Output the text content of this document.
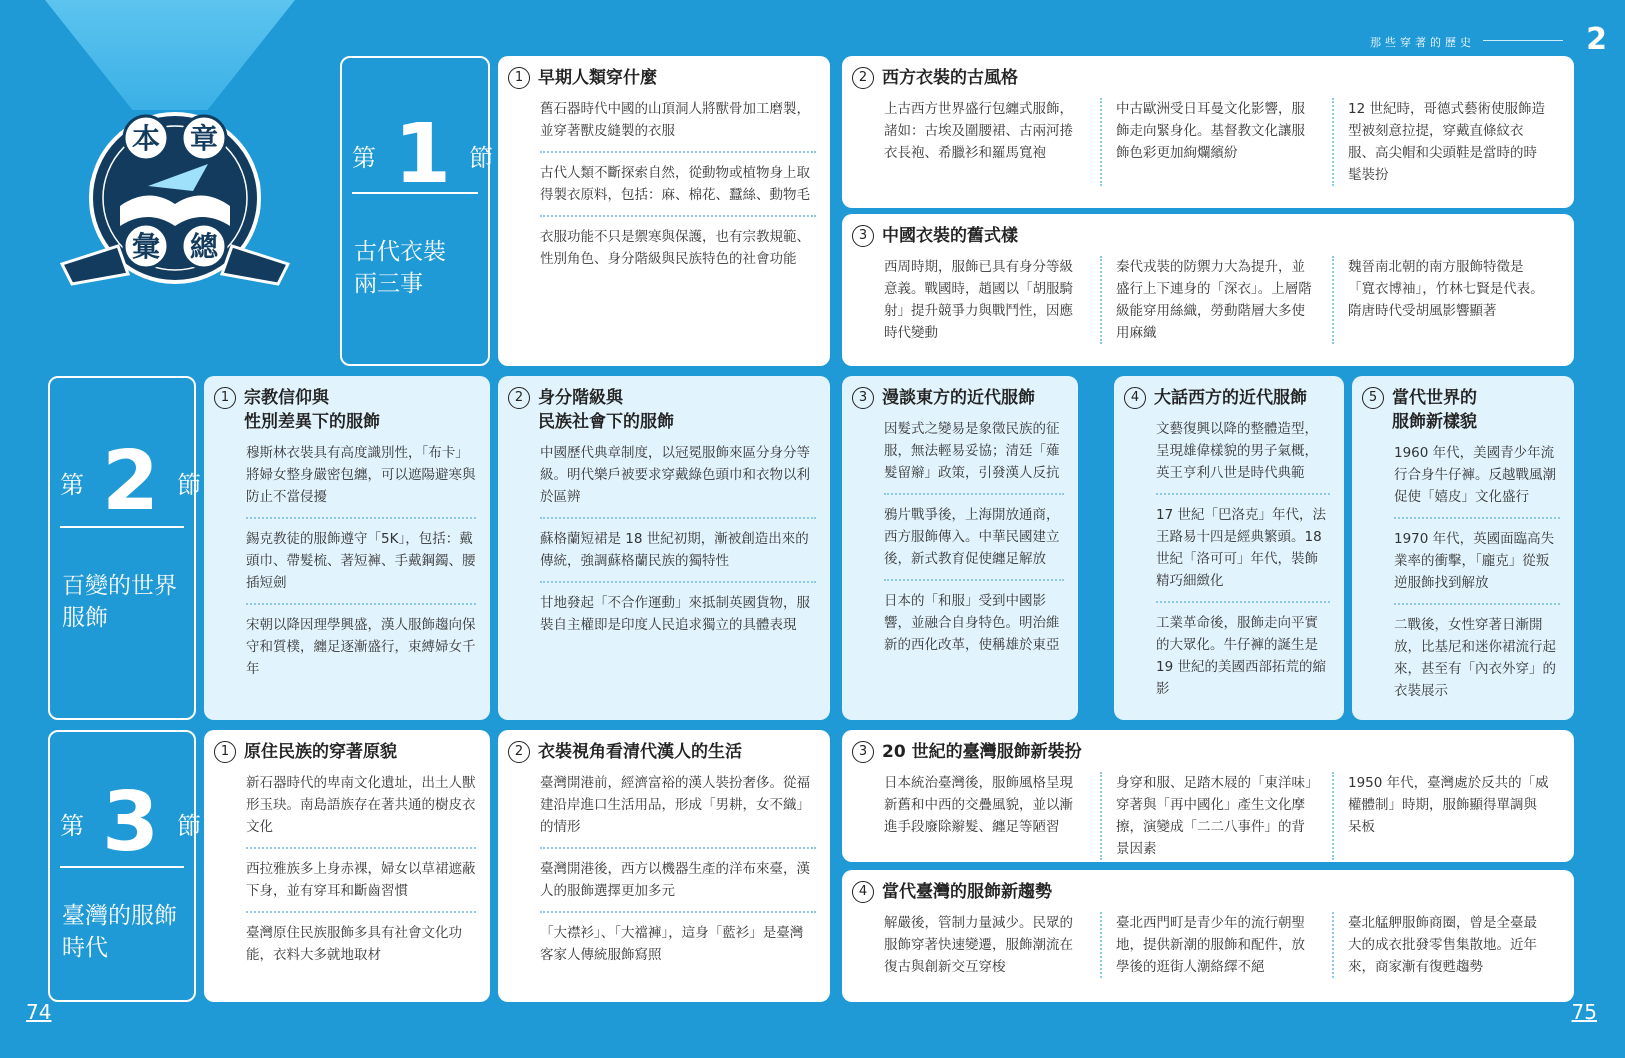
那些穿著的歷史	2
74	75
本 章
彙 總
第 1 節
古代衣裝
兩三事
1 早期人類穿什麼
舊石器時代中國的山頂洞人將獸骨加工磨製，並穿著獸皮縫製的衣服
古代人類不斷探索自然，從動物或植物身上取得製衣原料，包括：麻、棉花、蠶絲、動物毛
衣服功能不只是禦寒與保護，也有宗教規範、性別角色、身分階級與民族特色的社會功能
2 西方衣裝的古風格
上古西方世界盛行包纏式服飾，諸如：古埃及圍腰裙、古兩河捲衣長袍、希臘衫和羅馬寬袍
中古歐洲受日耳曼文化影響，服飾走向緊身化。基督教文化讓服飾色彩更加絢爛繽紛
12 世紀時，哥德式藝術使服飾造型被刻意拉提，穿戴直條紋衣服、高尖帽和尖頭鞋是當時的時髦裝扮
3 中國衣裝的舊式樣
西周時期，服飾已具有身分等級意義。戰國時，趙國以「胡服騎射」提升競爭力與戰鬥性，因應時代變動
秦代戎裝的防禦力大為提升，並盛行上下連身的「深衣」。上層階級能穿用絲織，勞動階層大多使用麻織
魏晉南北朝的南方服飾特徵是「寬衣博袖」，竹林七賢是代表。隋唐時代受胡風影響顯著
第 2 節
百變的世界
服飾
1 宗教信仰與
性別差異下的服飾
穆斯林衣裝具有高度識別性，「布卡」將婦女整身嚴密包纏，可以遮陽避寒與防止不當侵擾
錫克教徒的服飾遵守「5K」，包括：戴頭巾、帶髮梳、著短褲、手戴鋼鐲、腰插短劍
宋朝以降因理學興盛，漢人服飾趨向保守和質樸，纏足逐漸盛行，束縛婦女千年
2 身分階級與
民族社會下的服飾
中國歷代典章制度，以冠冕服飾來區分身分等級。明代樂戶被要求穿戴綠色頭巾和衣物以利於區辨
蘇格蘭短裙是 18 世紀初期，漸被創造出來的傳統，強調蘇格蘭民族的獨特性
甘地發起「不合作運動」來抵制英國貨物，服裝自主權即是印度人民追求獨立的具體表現
3 漫談東方的近代服飾
因髮式之變易是象徵民族的征服，無法輕易妥協；清廷「薙髮留辮」政策，引發漢人反抗
鴉片戰爭後，上海開放通商，西方服飾傳入。中華民國建立後，新式教育促使纏足解放
日本的「和服」受到中國影響，並融合自身特色。明治維新的西化改革，使稱雄於東亞
4 大話西方的近代服飾
文藝復興以降的整體造型，呈現雄偉樣貌的男子氣概，英王亨利八世是時代典範
17 世紀「巴洛克」年代，法王路易十四是經典繁頭。18 世紀「洛可可」年代，裝飾精巧細緻化
工業革命後，服飾走向平實的大眾化。牛仔褲的誕生是 19 世紀的美國西部拓荒的縮影
5 當代世界的
服飾新樣貌
1960 年代，美國青少年流行合身牛仔褲。反越戰風潮促使「嬉皮」文化盛行
1970 年代，英國面臨高失業率的衝擊，「龐克」從叛逆服飾找到解放
二戰後，女性穿著日漸開放，比基尼和迷你裙流行起來，甚至有「內衣外穿」的衣裝展示
第 3 節
臺灣的服飾
時代
1 原住民族的穿著原貌
新石器時代的卑南文化遺址，出土人獸形玉玦。南島語族存在著共通的樹皮衣文化
西拉雅族多上身赤裸，婦女以草裙遮蔽下身，並有穿耳和斷齒習慣
臺灣原住民族服飾多具有社會文化功能，衣料大多就地取材
2 衣裝視角看清代漢人的生活
臺灣開港前，經濟富裕的漢人裝扮奢侈。從福建沿岸進口生活用品，形成「男耕，女不織」的情形
臺灣開港後，西方以機器生產的洋布來臺，漢人的服飾選擇更加多元
「大襟衫」、「大襠褲」，這身「藍衫」是臺灣客家人傳統服飾寫照
3 20 世紀的臺灣服飾新裝扮
日本統治臺灣後，服飾風格呈現新舊和中西的交疊風貌，並以漸進手段廢除辮髮、纏足等陋習
身穿和服、足踏木屐的「東洋味」穿著與「再中國化」產生文化摩擦，演變成「二二八事件」的背景因素
1950 年代，臺灣處於反共的「威權體制」時期，服飾顯得單調與呆板
4 當代臺灣的服飾新趨勢
解嚴後，管制力量減少。民眾的服飾穿著快速變遷，服飾潮流在復古與創新交互穿梭
臺北西門町是青少年的流行朝聖地，提供新潮的服飾和配件，放學後的逛街人潮絡繹不絕
臺北艋舺服飾商圈，曾是全臺最大的成衣批發零售集散地。近年來，商家漸有復甦趨勢
